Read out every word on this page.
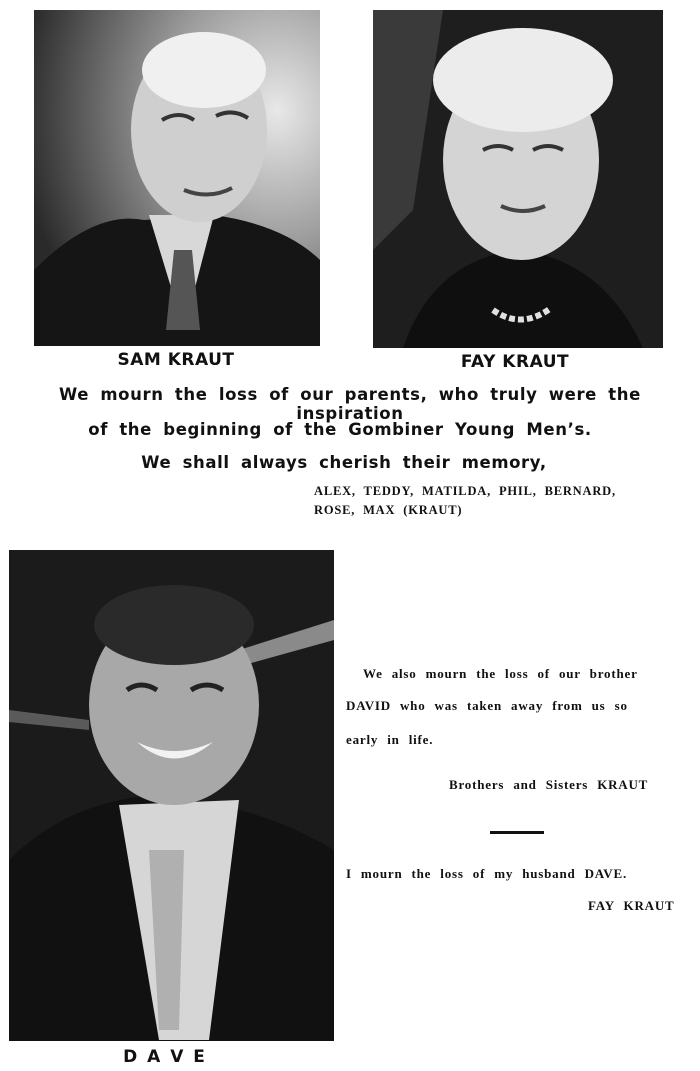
SAM KRAUT	FAY KRAUT
We mourn the loss of our parents, who truly were the inspiration
of the beginning of the Gombiner Young Men’s.
We shall always cherish their memory,
ALEX, TEDDY, MATILDA, PHIL, BERNARD,
ROSE, MAX (KRAUT)
D A V E
We also mourn the loss of our brother
DAVID who was taken away from us so
early in life.
Brothers and Sisters KRAUT
I mourn the loss of my husband DAVE.
FAY KRAUT
